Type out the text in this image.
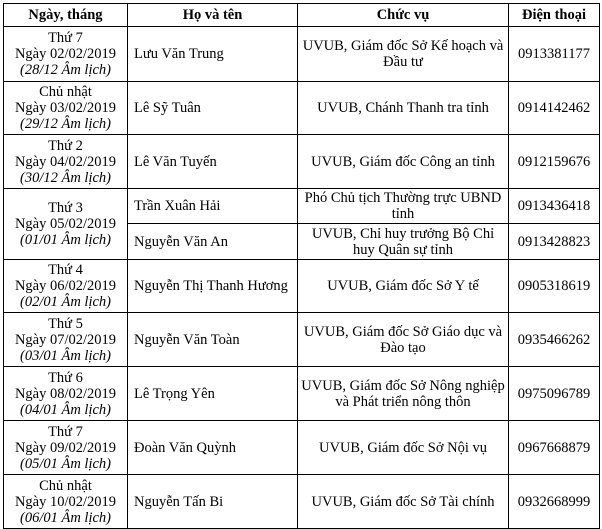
Ngày, tháng	Họ và tên	Chức vụ	Điện thoại

Thứ 7
Ngày 02/02/2019
(28/12 Âm lịch)	Lưu Văn Trung	UVUB, Giám đốc Sở Kế hoạch và Đầu tư	0913381177

Chủ nhật
Ngày 03/02/2019
(29/12 Âm lịch)	Lê Sỹ Tuân	UVUB, Chánh Thanh tra tỉnh	0914142462

Thứ 2
Ngày 04/02/2019
(30/12 Âm lịch)	Lê Văn Tuyến	UVUB, Giám đốc Công an tỉnh	0912159676

Thứ 3
Ngày 05/02/2019
(01/01 Âm lịch)	Trần Xuân Hải	Phó Chủ tịch Thường trực UBND tỉnh	0913436418
	Nguyễn Văn An	UVUB, Chỉ huy trưởng Bộ Chỉ huy Quân sự tỉnh	0913428823

Thứ 4
Ngày 06/02/2019
(02/01 Âm lịch)	Nguyễn Thị Thanh Hương	UVUB, Giám đốc Sở Y tế	0905318619

Thứ 5
Ngày 07/02/2019
(03/01 Âm lịch)	Nguyễn Văn Toàn	UVUB, Giám đốc Sở Giáo dục và Đào tạo	0935466262

Thứ 6
Ngày 08/02/2019
(04/01 Âm lịch)	Lê Trọng Yên	UVUB, Giám đốc Sở Nông nghiệp và Phát triển nông thôn	0975096789

Thứ 7
Ngày 09/02/2019
(05/01 Âm lịch)	Đoàn Văn Quỳnh	UVUB, Giám đốc Sở Nội vụ	0967668879

Chủ nhật
Ngày 10/02/2019
(06/01 Âm lịch)	Nguyễn Tấn Bi	UVUB, Giám đốc Sở Tài chính	0932668999
